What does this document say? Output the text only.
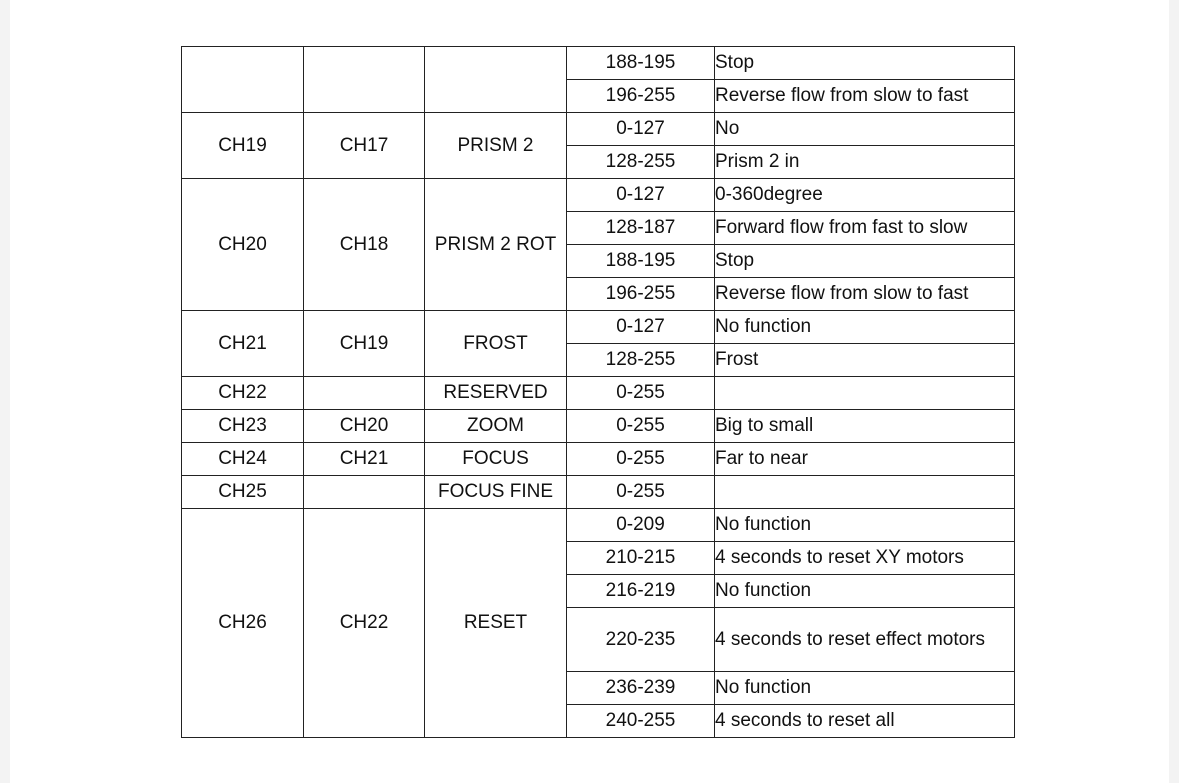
			188-195	Stop
			196-255	Reverse flow from slow to fast
CH19	CH17	PRISM 2	0-127	No
			128-255	Prism 2 in
CH20	CH18	PRISM 2 ROT	0-127	0-360degree
			128-187	Forward flow from fast to slow
			188-195	Stop
			196-255	Reverse flow from slow to fast
CH21	CH19	FROST	0-127	No function
			128-255	Frost
CH22		RESERVED	0-255	
CH23	CH20	ZOOM	0-255	Big to small
CH24	CH21	FOCUS	0-255	Far to near
CH25		FOCUS FINE	0-255	
CH26	CH22	RESET	0-209	No function
			210-215	4 seconds to reset XY motors
			216-219	No function
			220-235	4 seconds to reset effect motors
			236-239	No function
			240-255	4 seconds to reset all
